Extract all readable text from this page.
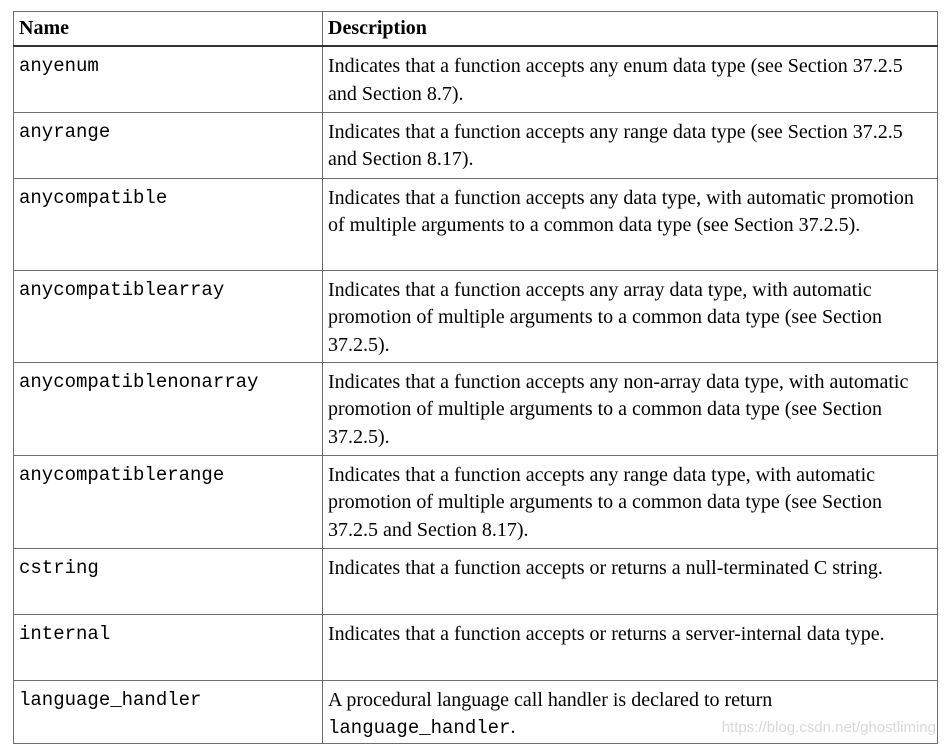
Name	Description
anyenum	Indicates that a function accepts any enum data type (see Section 37.2.5 and Section 8.7).
anyrange	Indicates that a function accepts any range data type (see Section 37.2.5 and Section 8.17).
anycompatible	Indicates that a function accepts any data type, with automatic promotion of multiple arguments to a common data type (see Section 37.2.5).
anycompatiblearray	Indicates that a function accepts any array data type, with automatic promotion of multiple arguments to a common data type (see Section 37.2.5).
anycompatiblenonarray	Indicates that a function accepts any non-array data type, with automatic promotion of multiple arguments to a common data type (see Section 37.2.5).
anycompatiblerange	Indicates that a function accepts any range data type, with automatic promotion of multiple arguments to a common data type (see Section 37.2.5 and Section 8.17).
cstring	Indicates that a function accepts or returns a null-terminated C string.
internal	Indicates that a function accepts or returns a server-internal data type.
language_handler	A procedural language call handler is declared to return language_handler.	https://blog.csdn.net/ghostliming
